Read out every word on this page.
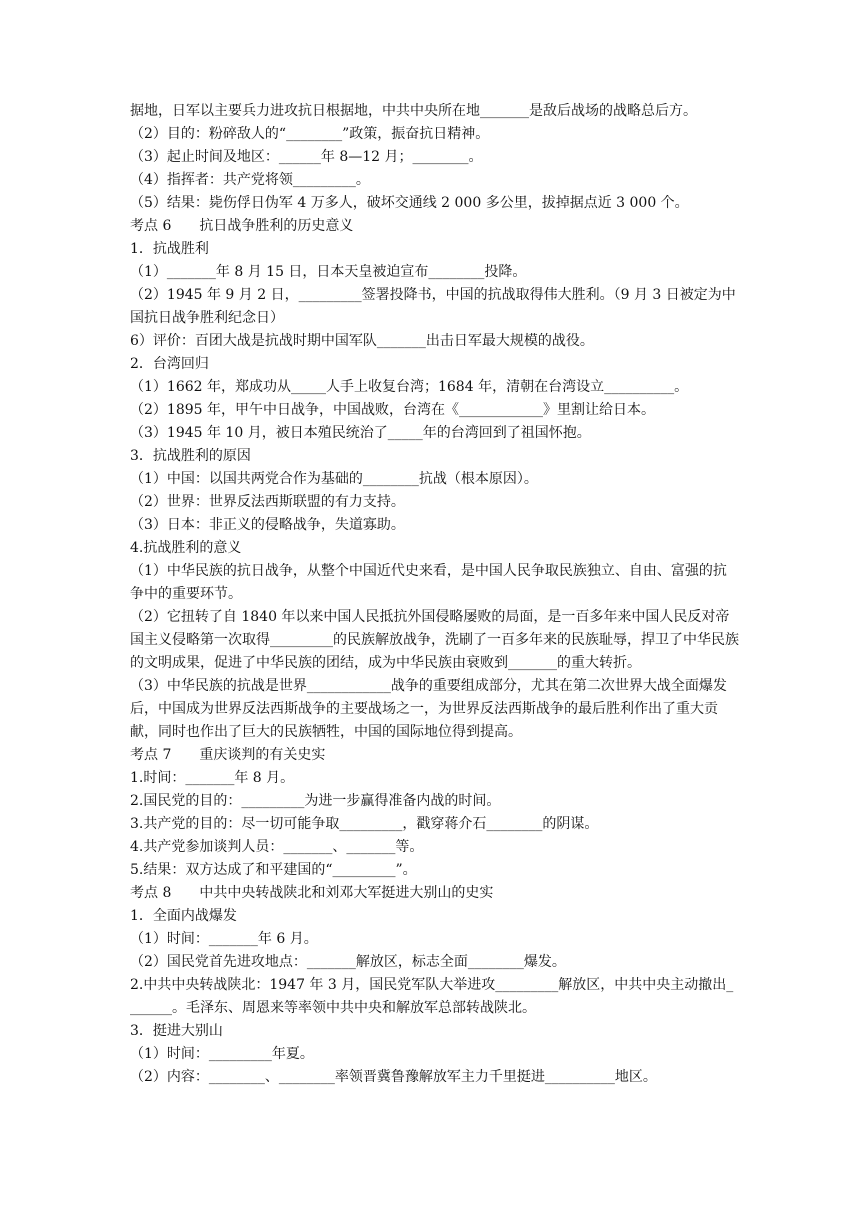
据地，日军以主要兵力进攻抗日根据地，中共中央所在地_______是敌后战场的战略总后方。
（2）目的：粉碎敌人的“________”政策，振奋抗日精神。
（3）起止时间及地区：______年 8—12 月；________。
（4）指挥者：共产党将领_________。
（5）结果：毙伤俘日伪军 4 万多人，破坏交通线 2 000 多公里，拔掉据点近 3 000 个。
考点 6　　抗日战争胜利的历史意义
1．抗战胜利
（1）_______年 8 月 15 日，日本天皇被迫宣布________投降。
（2）1945 年 9 月 2 日，_________签署投降书，中国的抗战取得伟大胜利。（9 月 3 日被定为中国抗日战争胜利纪念日）
6）评价：百团大战是抗战时期中国军队_______出击日军最大规模的战役。
2．台湾回归
（1）1662 年，郑成功从_____人手上收复台湾；1684 年，清朝在台湾设立__________。
（2）1895 年，甲午中日战争，中国战败，台湾在《____________》里割让给日本。
（3）1945 年 10 月，被日本殖民统治了_____年的台湾回到了祖国怀抱。
3．抗战胜利的原因
（1）中国：以国共两党合作为基础的________抗战（根本原因）。
（2）世界：世界反法西斯联盟的有力支持。
（3）日本：非正义的侵略战争，失道寡助。
4.抗战胜利的意义
（1）中华民族的抗日战争，从整个中国近代史来看，是中国人民争取民族独立、自由、富强的抗争中的重要环节。
（2）它扭转了自 1840 年以来中国人民抵抗外国侵略屡败的局面，是一百多年来中国人民反对帝国主义侵略第一次取得_________的民族解放战争，洗刷了一百多年来的民族耻辱，捍卫了中华民族的文明成果，促进了中华民族的团结，成为中华民族由衰败到_______的重大转折。
（3）中华民族的抗战是世界____________战争的重要组成部分，尤其在第二次世界大战全面爆发后，中国成为世界反法西斯战争的主要战场之一，为世界反法西斯战争的最后胜利作出了重大贡献，同时也作出了巨大的民族牺牲，中国的国际地位得到提高。
考点 7　　重庆谈判的有关史实
1.时间：_______年 8 月。
2.国民党的目的：_________为进一步赢得准备内战的时间。
3.共产党的目的：尽一切可能争取_________，戳穿蒋介石________的阴谋。
4.共产党参加谈判人员：_______、_______等。
5.结果：双方达成了和平建国的“_________”。
考点 8　　中共中央转战陕北和刘邓大军挺进大别山的史实
1．全面内战爆发
（1）时间：_______年 6 月。
（2）国民党首先进攻地点：_______解放区，标志全面________爆发。
2.中共中央转战陕北：1947 年 3 月，国民党军队大举进攻_________解放区，中共中央主动撤出_______。毛泽东、周恩来等率领中共中央和解放军总部转战陕北。
3．挺进大别山
（1）时间：_________年夏。
（2）内容：________、________率领晋冀鲁豫解放军主力千里挺进__________地区。
